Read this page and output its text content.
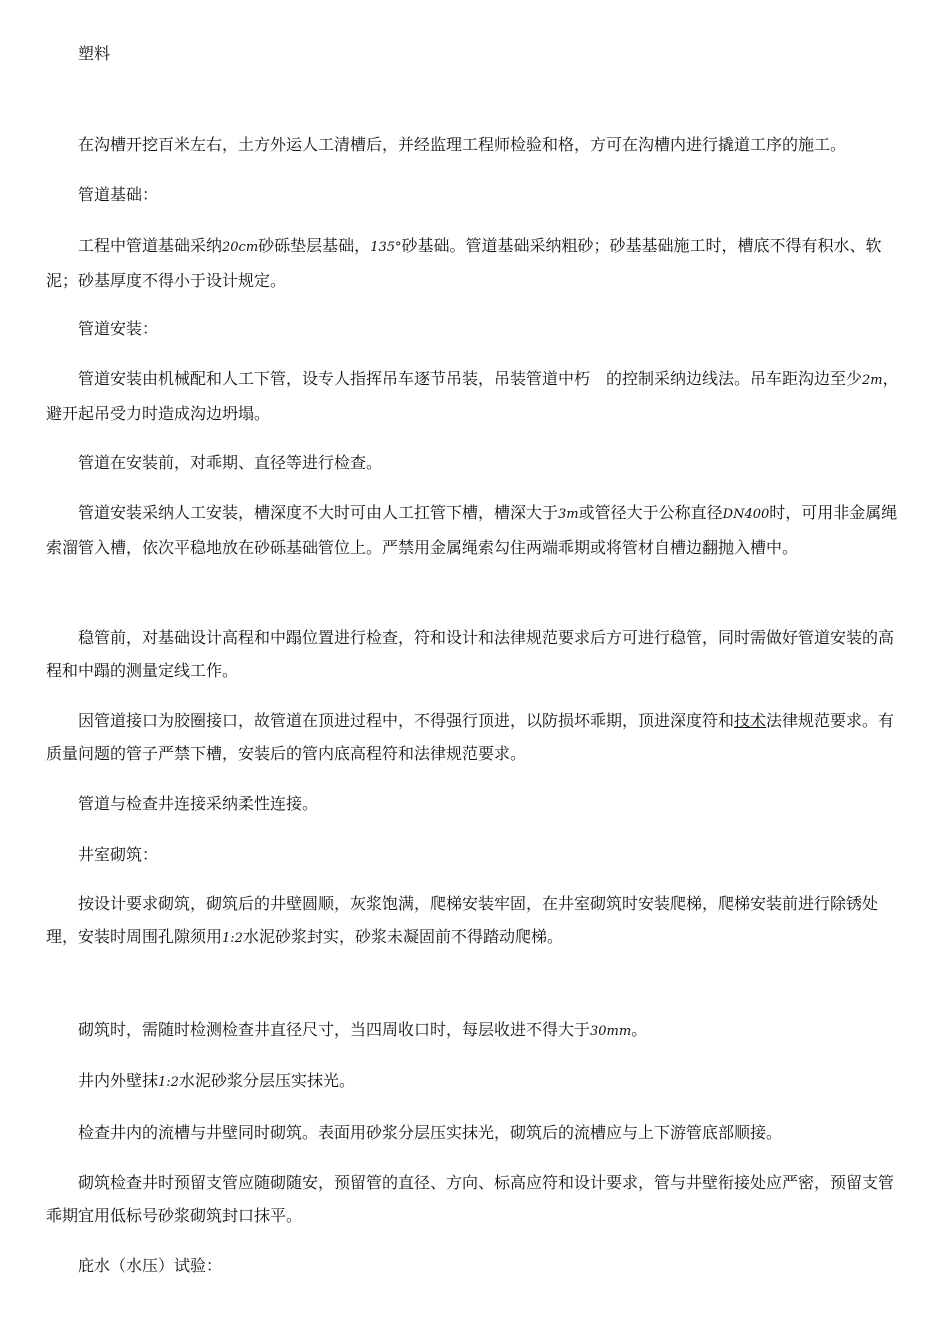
塑料

在沟槽开挖百米左右，土方外运人工清槽后，并经监理工程师检验和格，方可在沟槽内进行撬道工序的施工。

管道基础：

工程中管道基础采纳20cm砂砾垫层基础，135°砂基础。管道基础采纳粗砂；砂基基础施工时，槽底不得有积水、软泥；砂基厚度不得小于设计规定。

管道安装：

管道安装由机械配和人工下管，设专人指挥吊车逐节吊装，吊装管道中朽　的控制采纳边线法。吊车距沟边至少2m，避开起吊受力时造成沟边坍塌。

管道在安装前，对乖期、直径等进行检查。

管道安装采纳人工安装，槽深度不大时可由人工扛管下槽，槽深大于3m或管径大于公称直径DN400时，可用非金属绳索溜管入槽，依次平稳地放在砂砾基础管位上。严禁用金属绳索勾住两端乖期或将管材自槽边翻抛入槽中。

稳管前，对基础设计高程和中蹋位置进行检查，符和设计和法律规范要求后方可进行稳管，同时需做好管道安装的高程和中蹋的测量定线工作。

因管道接口为胶圈接口，故管道在顶进过程中，不得强行顶进，以防损坏乖期，顶进深度符和技术法律规范要求。有质量问题的管子严禁下槽，安装后的管内底高程符和法律规范要求。

管道与检查井连接采纳柔性连接。

井室砌筑：

按设计要求砌筑，砌筑后的井壁圆顺，灰浆饱满，爬梯安装牢固，在井室砌筑时安装爬梯，爬梯安装前进行除锈处理，安装时周围孔隙须用1:2水泥砂浆封实，砂浆未凝固前不得踏动爬梯。

砌筑时，需随时检测检查井直径尺寸，当四周收口时，每层收进不得大于30mm。

井内外壁抹1:2水泥砂浆分层压实抹光。

检查井内的流槽与井壁同时砌筑。表面用砂浆分层压实抹光，砌筑后的流槽应与上下游管底部顺接。

砌筑检查井时预留支管应随砌随安，预留管的直径、方向、标高应符和设计要求，管与井壁衔接处应严密，预留支管乖期宜用低标号砂浆砌筑封口抹平。

庇水（水压）试验：
